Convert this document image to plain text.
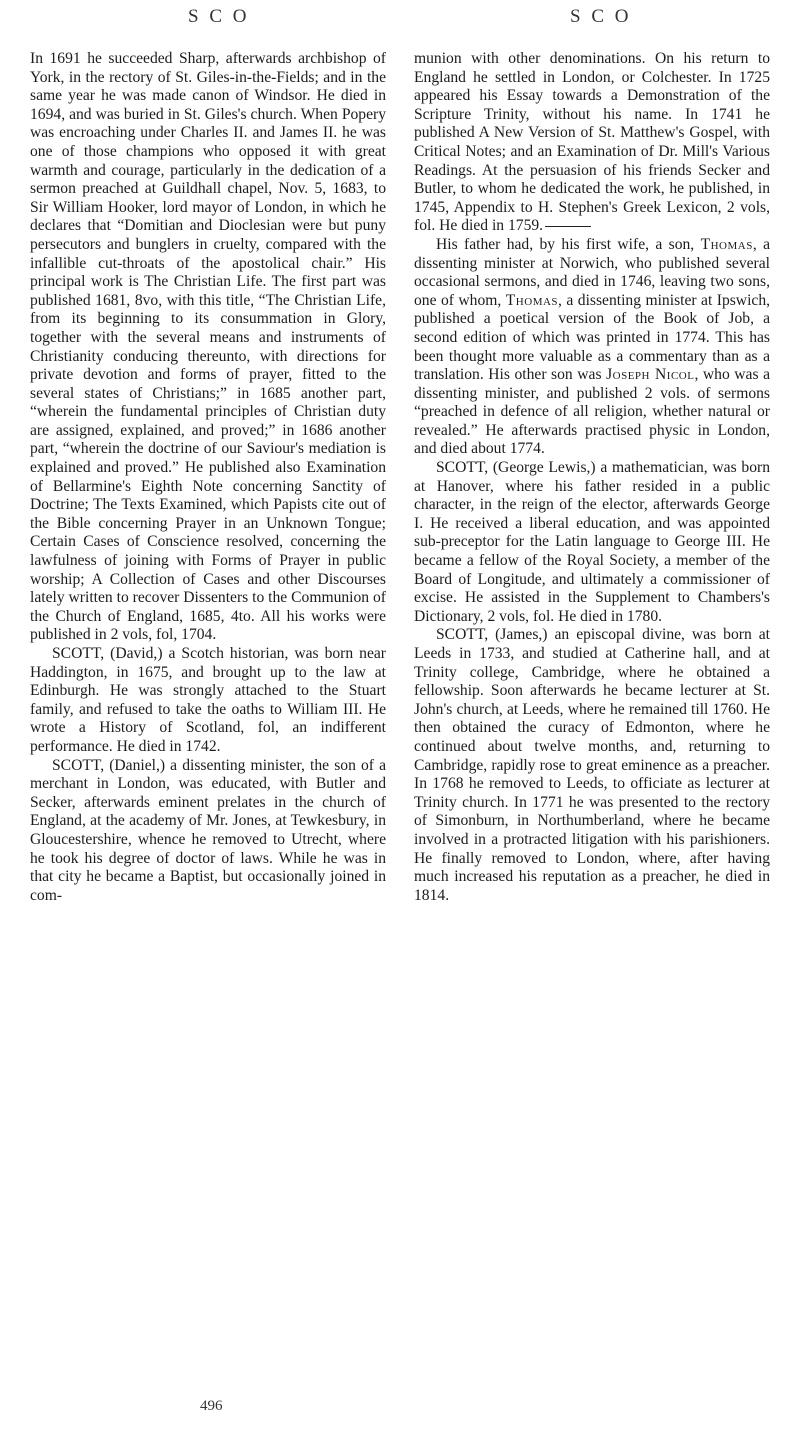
S C O	S C O

In 1691 he succeeded Sharp, afterwards archbishop of York, in the rectory of St. Giles-in-the-Fields; and in the same year he was made canon of Windsor. He died in 1694, and was buried in St. Giles's church. When Popery was encroaching under Charles II. and James II. he was one of those champions who opposed it with great warmth and courage, particularly in the dedication of a sermon preached at Guildhall chapel, Nov. 5, 1683, to Sir William Hooker, lord mayor of London, in which he declares that “Domitian and Dioclesian were but puny persecutors and bunglers in cruelty, compared with the infallible cut-throats of the apostolical chair.” His principal work is The Christian Life. The first part was published 1681, 8vo, with this title, “The Christian Life, from its beginning to its consummation in Glory, together with the several means and instruments of Christianity conducing thereunto, with directions for private devotion and forms of prayer, fitted to the several states of Christians;” in 1685 another part, “wherein the fundamental principles of Christian duty are assigned, explained, and proved;” in 1686 another part, “wherein the doctrine of our Saviour's mediation is explained and proved.” He published also Examination of Bellarmine's Eighth Note concerning Sanctity of Doctrine; The Texts Examined, which Papists cite out of the Bible concerning Prayer in an Unknown Tongue; Certain Cases of Conscience resolved, concerning the lawfulness of joining with Forms of Prayer in public worship; A Collection of Cases and other Discourses lately written to recover Dissenters to the Communion of the Church of England, 1685, 4to. All his works were published in 2 vols, fol, 1704.

SCOTT, (David,) a Scotch historian, was born near Haddington, in 1675, and brought up to the law at Edinburgh. He was strongly attached to the Stuart family, and refused to take the oaths to William III. He wrote a History of Scotland, fol, an indifferent performance. He died in 1742.

SCOTT, (Daniel,) a dissenting minister, the son of a merchant in London, was educated, with Butler and Secker, afterwards eminent prelates in the church of England, at the academy of Mr. Jones, at Tewkesbury, in Gloucestershire, whence he removed to Utrecht, where he took his degree of doctor of laws. While he was in that city he became a Baptist, but occasionally joined in com-

munion with other denominations. On his return to England he settled in London, or Colchester. In 1725 appeared his Essay towards a Demonstration of the Scripture Trinity, without his name. In 1741 he published A New Version of St. Matthew's Gospel, with Critical Notes; and an Examination of Dr. Mill's Various Readings. At the persuasion of his friends Secker and Butler, to whom he dedicated the work, he published, in 1745, Appendix to H. Stephen's Greek Lexicon, 2 vols, fol. He died in 1759.

His father had, by his first wife, a son, Thomas, a dissenting minister at Norwich, who published several occasional sermons, and died in 1746, leaving two sons, one of whom, Thomas, a dissenting minister at Ipswich, published a poetical version of the Book of Job, a second edition of which was printed in 1774. This has been thought more valuable as a commentary than as a translation. His other son was Joseph Nicol, who was a dissenting minister, and published 2 vols. of sermons “preached in defence of all religion, whether natural or revealed.” He afterwards practised physic in London, and died about 1774.

SCOTT, (George Lewis,) a mathematician, was born at Hanover, where his father resided in a public character, in the reign of the elector, afterwards George I. He received a liberal education, and was appointed sub-preceptor for the Latin language to George III. He became a fellow of the Royal Society, a member of the Board of Longitude, and ultimately a commissioner of excise. He assisted in the Supplement to Chambers's Dictionary, 2 vols, fol. He died in 1780.

SCOTT, (James,) an episcopal divine, was born at Leeds in 1733, and studied at Catherine hall, and at Trinity college, Cambridge, where he obtained a fellowship. Soon afterwards he became lecturer at St. John's church, at Leeds, where he remained till 1760. He then obtained the curacy of Edmonton, where he continued about twelve months, and, returning to Cambridge, rapidly rose to great eminence as a preacher. In 1768 he removed to Leeds, to officiate as lecturer at Trinity church. In 1771 he was presented to the rectory of Simonburn, in Northumberland, where he became involved in a protracted litigation with his parishioners. He finally removed to London, where, after having much increased his reputation as a preacher, he died in 1814.

496
